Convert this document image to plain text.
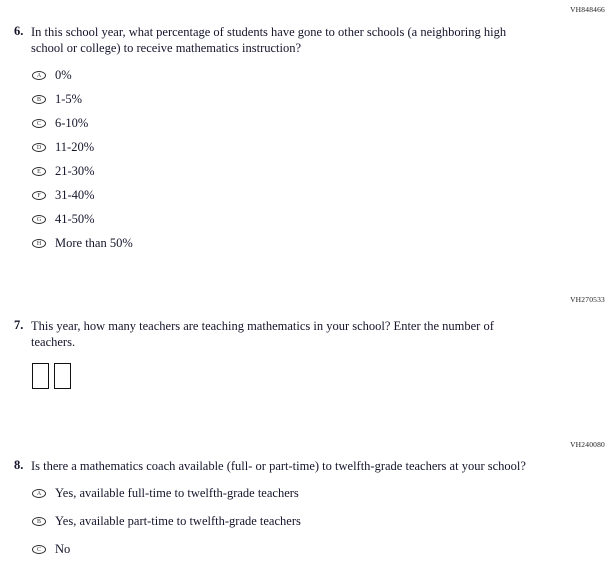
VH848466
VH270533
VH240080
6. In this school year, what percentage of students have gone to other schools (a neighboring high school or college) to receive mathematics instruction?
A 0%
B 1-5%
C 6-10%
D 11-20%
E 21-30%
F 31-40%
G 41-50%
H More than 50%
7. This year, how many teachers are teaching mathematics in your school? Enter the number of teachers.
8. Is there a mathematics coach available (full- or part-time) to twelfth-grade teachers at your school?
A Yes, available full-time to twelfth-grade teachers
B Yes, available part-time to twelfth-grade teachers
C No
